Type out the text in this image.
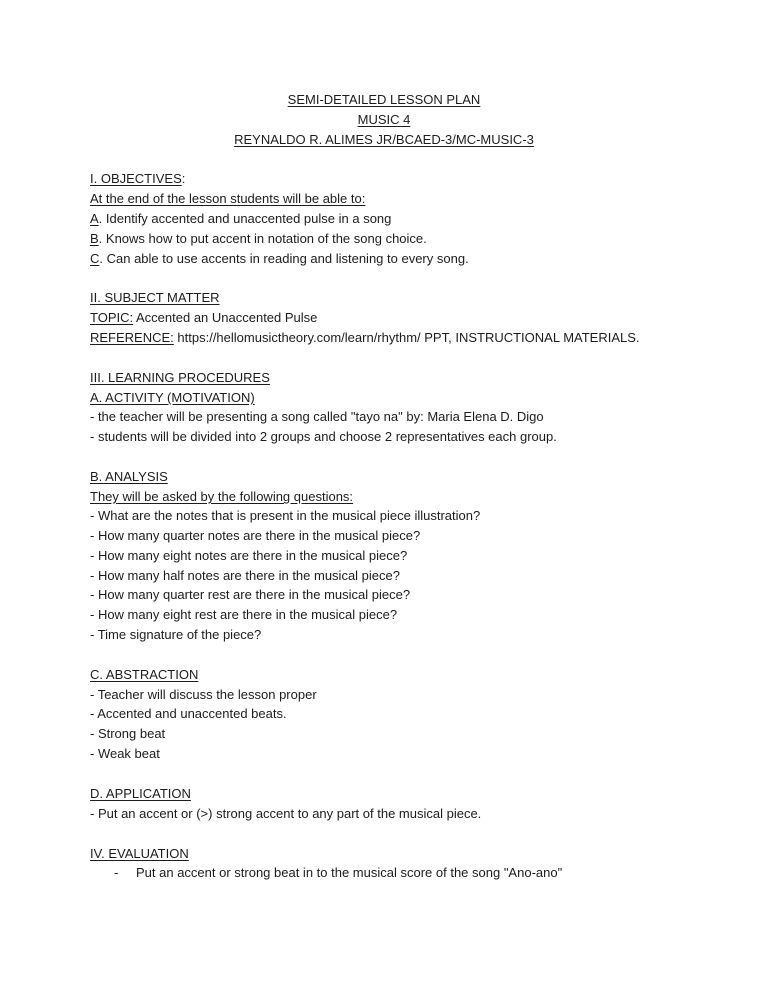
SEMI-DETAILED LESSON PLAN
MUSIC 4
REYNALDO R. ALIMES JR/BCAED-3/MC-MUSIC-3
I. OBJECTIVES:
At the end of the lesson students will be able to:
A. Identify accented and unaccented pulse in a song
B. Knows how to put accent in notation of the song choice.
C. Can able to use accents in reading and listening to every song.
II. SUBJECT MATTER
TOPIC: Accented an Unaccented Pulse
REFERENCE: https://hellomusictheory.com/learn/rhythm/ PPT, INSTRUCTIONAL MATERIALS.
III. LEARNING PROCEDURES
A. ACTIVITY (MOTIVATION)
- the teacher will be presenting a song called "tayo na" by: Maria Elena D. Digo
- students will be divided into 2 groups and choose 2 representatives each group.
B. ANALYSIS
They will be asked by the following questions:
- What are the notes that is present in the musical piece illustration?
- How many quarter notes are there in the musical piece?
- How many eight notes are there in the musical piece?
- How many half notes are there in the musical piece?
- How many quarter rest are there in the musical piece?
- How many eight rest are there in the musical piece?
- Time signature of the piece?
C. ABSTRACTION
- Teacher will discuss the lesson proper
- Accented and unaccented beats.
- Strong beat
- Weak beat
D. APPLICATION
- Put an accent or (>) strong accent to any part of the musical piece.
IV. EVALUATION
- Put an accent or strong beat in to the musical score of the song "Ano-ano"
